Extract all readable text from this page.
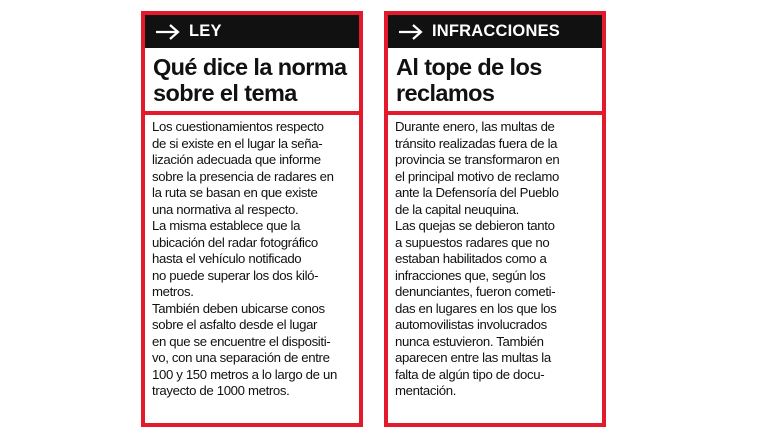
LEY
Qué dice la norma
sobre el tema
Los cuestionamientos respecto
de si existe en el lugar la seña-
lización adecuada que informe
sobre la presencia de radares en
la ruta se basan en que existe
una normativa al respecto.
La misma establece que la
ubicación del radar fotográfico
hasta el vehículo notificado
no puede superar los dos kiló-
metros.
También deben ubicarse conos
sobre el asfalto desde el lugar
en que se encuentre el dispositi-
vo, con una separación de entre
100 y 150 metros a lo largo de un
trayecto de 1000 metros.
INFRACCIONES
Al tope de los
reclamos
Durante enero, las multas de
tránsito realizadas fuera de la
provincia se transformaron en
el principal motivo de reclamo
ante la Defensoría del Pueblo
de la capital neuquina.
Las quejas se debieron tanto
a supuestos radares que no
estaban habilitados como a
infracciones que, según los
denunciantes, fueron cometi-
das en lugares en los que los
automovilistas involucrados
nunca estuvieron. También
aparecen entre las multas la
falta de algún tipo de docu-
mentación.
